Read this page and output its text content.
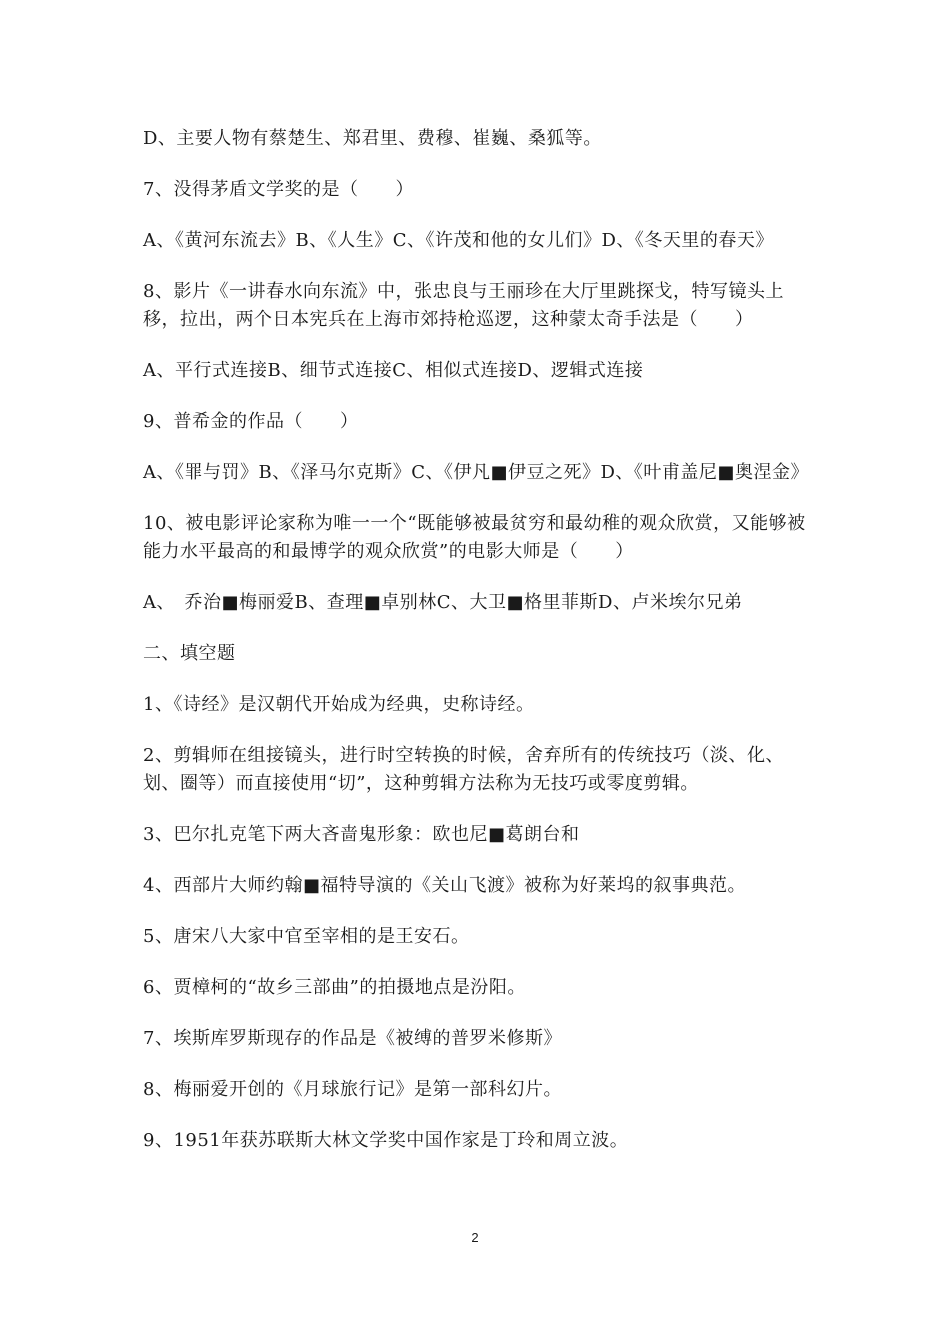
D、主要人物有蔡楚生、郑君里、费穆、崔巍、桑狐等。

7、没得茅盾文学奖的是（　　）

A、《黄河东流去》B、《人生》C、《许茂和他的女儿们》D、《冬天里的春天》

8、影片《一讲春水向东流》中，张忠良与王丽珍在大厅里跳探戈，特写镜头上移，拉出，两个日本宪兵在上海市郊持枪巡逻，这种蒙太奇手法是（　　）

A、平行式连接B、细节式连接C、相似式连接D、逻辑式连接

9、普希金的作品（　　）

A、《罪与罚》B、《泽马尔克斯》C、《伊凡■伊豆之死》D、《叶甫盖尼■奥涅金》

10、被电影评论家称为唯一一个“既能够被最贫穷和最幼稚的观众欣赏，又能够被能力水平最高的和最博学的观众欣赏”的电影大师是（　　）

A、　乔治■梅丽爱B、查理■卓别林C、大卫■格里菲斯D、卢米埃尔兄弟

二、填空题

1、《诗经》是汉朝代开始成为经典，史称诗经。

2、剪辑师在组接镜头，进行时空转换的时候，舍弃所有的传统技巧（淡、化、划、圈等）而直接使用“切”，这种剪辑方法称为无技巧或零度剪辑。

3、巴尔扎克笔下两大吝啬鬼形象：欧也尼■葛朗台和

4、西部片大师约翰■福特导演的《关山飞渡》被称为好莱坞的叙事典范。

5、唐宋八大家中官至宰相的是王安石。

6、贾樟柯的“故乡三部曲”的拍摄地点是汾阳。

7、埃斯库罗斯现存的作品是《被缚的普罗米修斯》

8、梅丽爱开创的《月球旅行记》是第一部科幻片。

9、1951年获苏联斯大林文学奖中国作家是丁玲和周立波。

2
